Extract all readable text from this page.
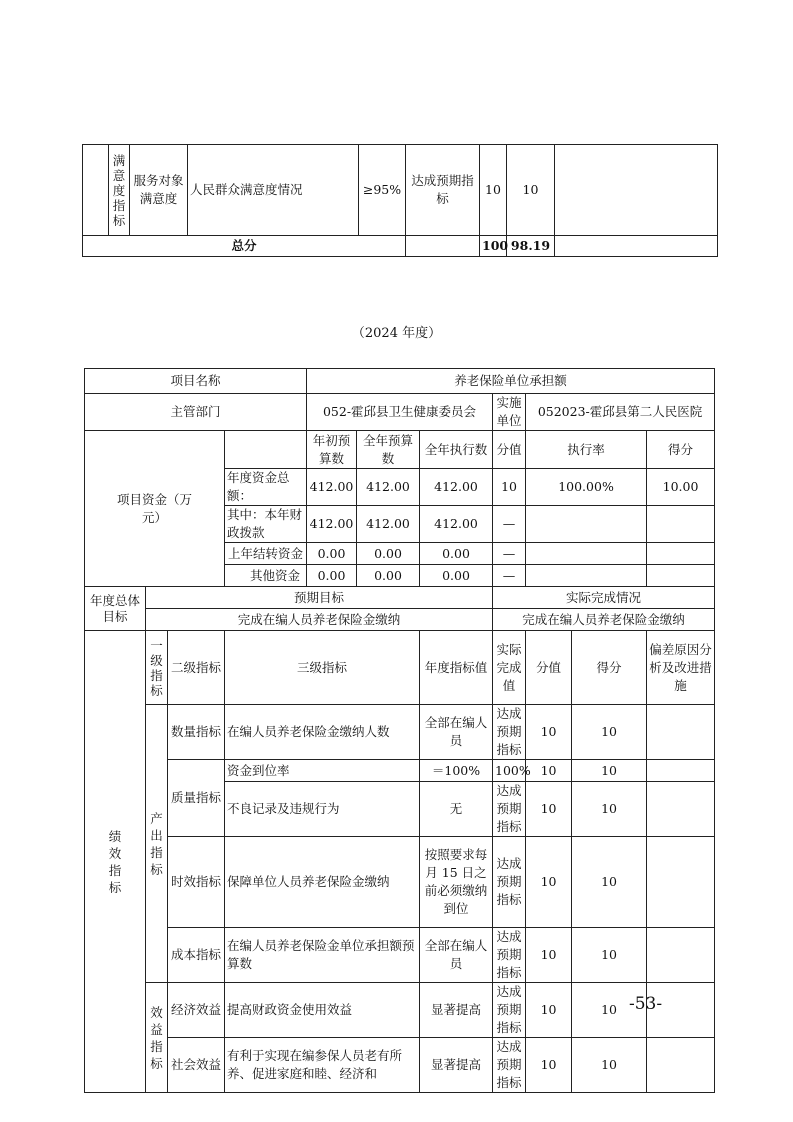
	满意度指标	服务对象满意度	人民群众满意度情况	≥95%	达成预期指标	10	10	
总分						100	98.19	
（2024 年度）
项目名称				养老保险单位承担额						
主管部门				052-霍邱县卫生健康委员会			实施单位	052023-霍邱县第二人民医院		

项目资金（万元）				年初预算数	全年预算数	全年执行数	分值	执行率		得分
			年度资金总额：	412.00	412.00	412.00	10	100.00%		10.00
			其中：本年财政拨款	412.00	412.00	412.00	—			
			上年结转资金	0.00	0.00	0.00	—			
			其他资金	0.00	0.00	0.00	—			

年度总体目标	预期目标						实际完成情况			
	完成在编人员养老保险金缴纳						完成在编人员养老保险金缴纳			

绩效指标	一级指标	二级指标	三级指标			年度指标值	实际完成值	分值	得分	偏差原因分析及改进措施

	产出指标	数量指标	在编人员养老保险金缴纳人数			全部在编人员	达成预期指标	10	10	
		质量指标	资金到位率			＝100%	100%	10	10	
			不良记录及违规行为			无	达成预期指标	10	10	
		时效指标	保障单位人员养老保险金缴纳			按照要求每月 15 日之前必须缴纳到位	达成预期指标	10	10	
		成本指标	在编人员养老保险金单位承担额预算数			全部在编人员	达成预期指标	10	10	

	效益指标	经济效益	提高财政资金使用效益			显著提高	达成预期指标	10	10	
		社会效益	有利于实现在编参保人员老有所养、促进家庭和睦、经济和			显著提高	达成预期指标	10	10	
-53-
